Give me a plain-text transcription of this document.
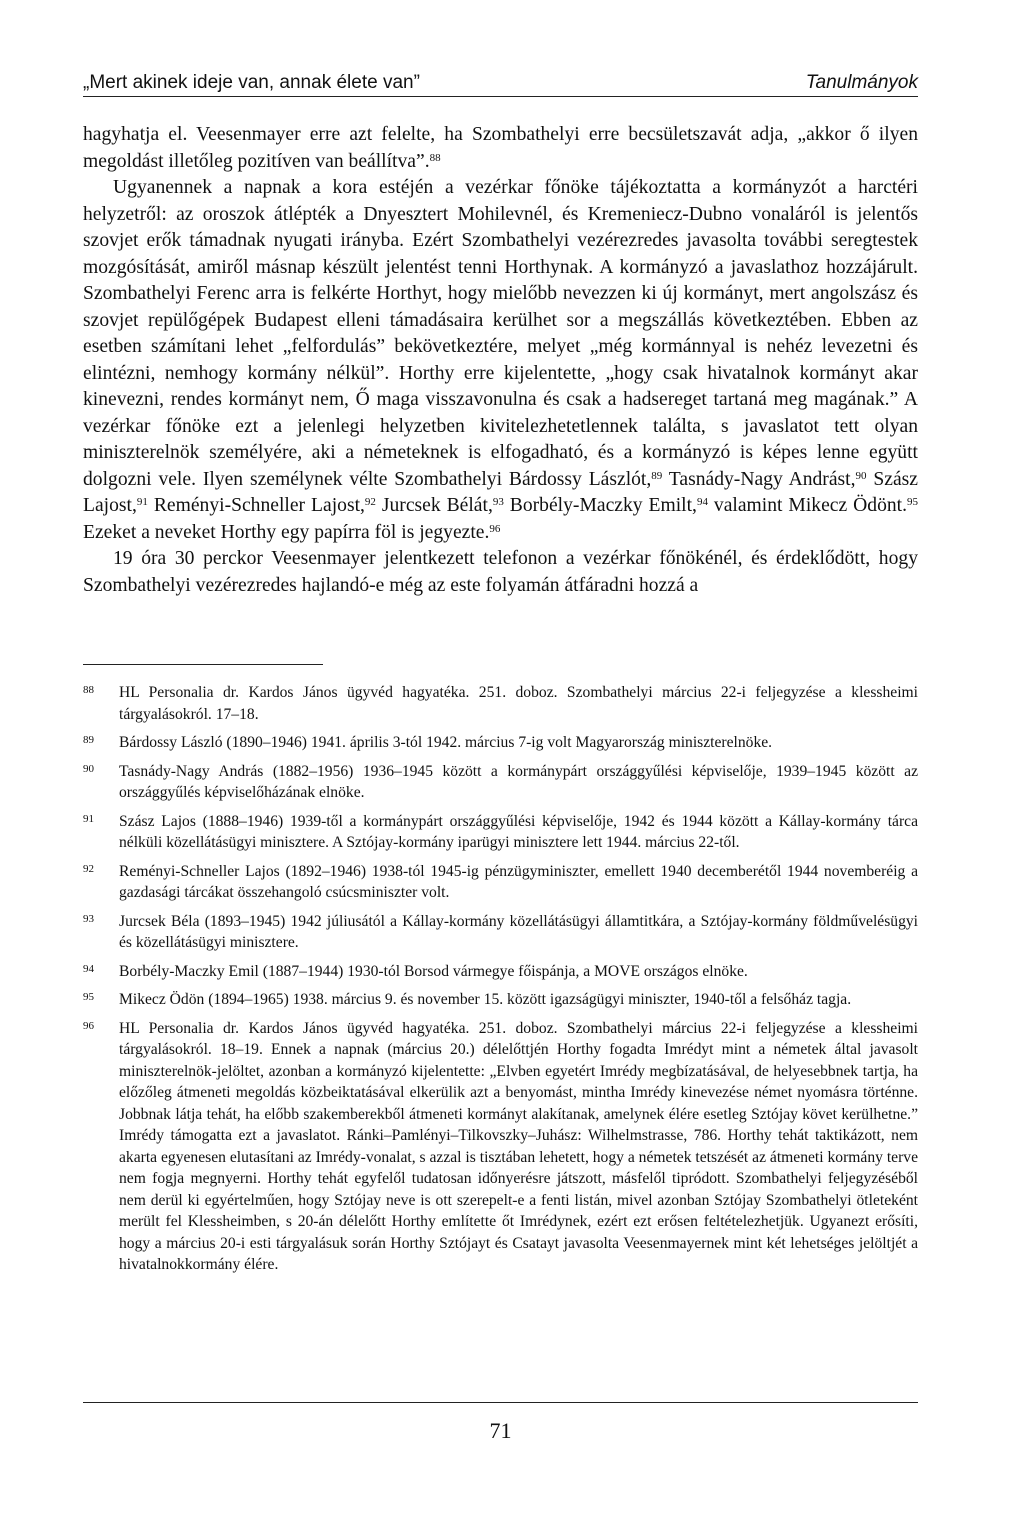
„Mert akinek ideje van, annak élete van”	Tanulmányok

hagyhatja el. Veesenmayer erre azt felelte, ha Szombathelyi erre becsületszavát adja, „akkor ő ilyen megoldást illetőleg pozitíven van beállítva”.$^{88}$

Ugyanennek a napnak a kora estéjén a vezérkar főnöke tájékoztatta a kormányzót a harctéri helyzetről: az oroszok átlépték a Dnyesztert Mohilevnél, és Kremeniecz-Dubno vonaláról is jelentős szovjet erők támadnak nyugati irányba. Ezért Szombathelyi vezérezredes javasolta további seregtestek mozgósítását, amiről másnap készült jelentést tenni Horthynak. A kormányzó a javaslathoz hozzájárult. Szombathelyi Ferenc arra is felkérte Horthyt, hogy mielőbb nevezzen ki új kormányt, mert angolszász és szovjet repülőgépek Budapest elleni támadásaira kerülhet sor a megszállás következtében. Ebben az esetben számítani lehet „felfordulás” bekövetkeztére, melyet „még kormánnyal is nehéz levezetni és elintézni, nemhogy kormány nélkül”. Horthy erre kijelentette, „hogy csak hivatalnok kormányt akar kinevezni, rendes kormányt nem, Ő maga visszavonulna és csak a hadsereget tartaná meg magának.” A vezérkar főnöke ezt a jelenlegi helyzetben kivitelezhetetlennek találta, s javaslatot tett olyan miniszterelnök személyére, aki a németeknek is elfogadható, és a kormányzó is képes lenne együtt dolgozni vele. Ilyen személynek vélte Szombathelyi Bárdossy Lászlót,$^{89}$ Tasnády-Nagy Andrást,$^{90}$ Szász Lajost,$^{91}$ Reményi-Schneller Lajost,$^{92}$ Jurcsek Bélát,$^{93}$ Borbély-Maczky Emilt,$^{94}$ valamint Mikecz Ödönt.$^{95}$ Ezeket a neveket Horthy egy papírra föl is jegyezte.$^{96}$

19 óra 30 perckor Veesenmayer jelentkezett telefonon a vezérkar főnökénél, és érdeklődött, hogy Szombathelyi vezérezredes hajlandó-e még az este folyamán átfáradni hozzá a

88	HL Personalia dr. Kardos János ügyvéd hagyatéka. 251. doboz. Szombathelyi március 22-i feljegyzése a klessheimi tárgyalásokról. 17–18.
89	Bárdossy László (1890–1946) 1941. április 3-tól 1942. március 7-ig volt Magyarország miniszterelnöke.
90	Tasnády-Nagy András (1882–1956) 1936–1945 között a kormánypárt országgyűlési képviselője, 1939–1945 között az országgyűlés képviselőházának elnöke.
91	Szász Lajos (1888–1946) 1939-től a kormánypárt országgyűlési képviselője, 1942 és 1944 között a Kállay-kormány tárca nélküli közellátásügyi minisztere. A Sztójay-kormány iparügyi minisztere lett 1944. március 22-től.
92	Reményi-Schneller Lajos (1892–1946) 1938-tól 1945-ig pénzügyminiszter, emellett 1940 decemberétől 1944 novemberéig a gazdasági tárcákat összehangoló csúcsminiszter volt.
93	Jurcsek Béla (1893–1945) 1942 júliusától a Kállay-kormány közellátásügyi államtitkára, a Sztójay-kormány földművelésügyi és közellátásügyi minisztere.
94	Borbély-Maczky Emil (1887–1944) 1930-tól Borsod vármegye főispánja, a MOVE országos elnöke.
95	Mikecz Ödön (1894–1965) 1938. március 9. és november 15. között igazságügyi miniszter, 1940-től a felsőház tagja.
96	HL Personalia dr. Kardos János ügyvéd hagyatéka. 251. doboz. Szombathelyi március 22-i feljegyzése a klessheimi tárgyalásokról. 18–19. Ennek a napnak (március 20.) délelőttjén Horthy fogadta Imrédyt mint a németek által javasolt miniszterelnök-jelöltet, azonban a kormányzó kijelentette: „Elvben egyetért Imrédy megbízatásával, de helyesebbnek tartja, ha előzőleg átmeneti megoldás közbeiktatásával elkerülik azt a benyomást, mintha Imrédy kinevezése német nyomásra történne. Jobbnak látja tehát, ha előbb szakemberekből átmeneti kormányt alakítanak, amelynek élére esetleg Sztójay követ kerülhetne.” Imrédy támogatta ezt a javaslatot. Ránki–Pamlényi–Tilkovszky–Juhász: Wilhelmstrasse, 786. Horthy tehát taktikázott, nem akarta egyenesen elutasítani az Imrédy-vonalat, s azzal is tisztában lehetett, hogy a németek tetszését az átmeneti kormány terve nem fogja megnyerni. Horthy tehát egyfelől tudatosan időnyerésre játszott, másfelől tipródott. Szombathelyi feljegyzéséből nem derül ki egyértelműen, hogy Sztójay neve is ott szerepelt-e a fenti listán, mivel azonban Sztójay Szombathelyi ötleteként merült fel Klessheimben, s 20-án délelőtt Horthy említette őt Imrédynek, ezért ezt erősen feltételezhetjük. Ugyanezt erősíti, hogy a március 20-i esti tárgyalásuk során Horthy Sztójayt és Csatayt javasolta Veesenmayernek mint két lehetséges jelöltjét a hivatalnokkormány élére.
71
